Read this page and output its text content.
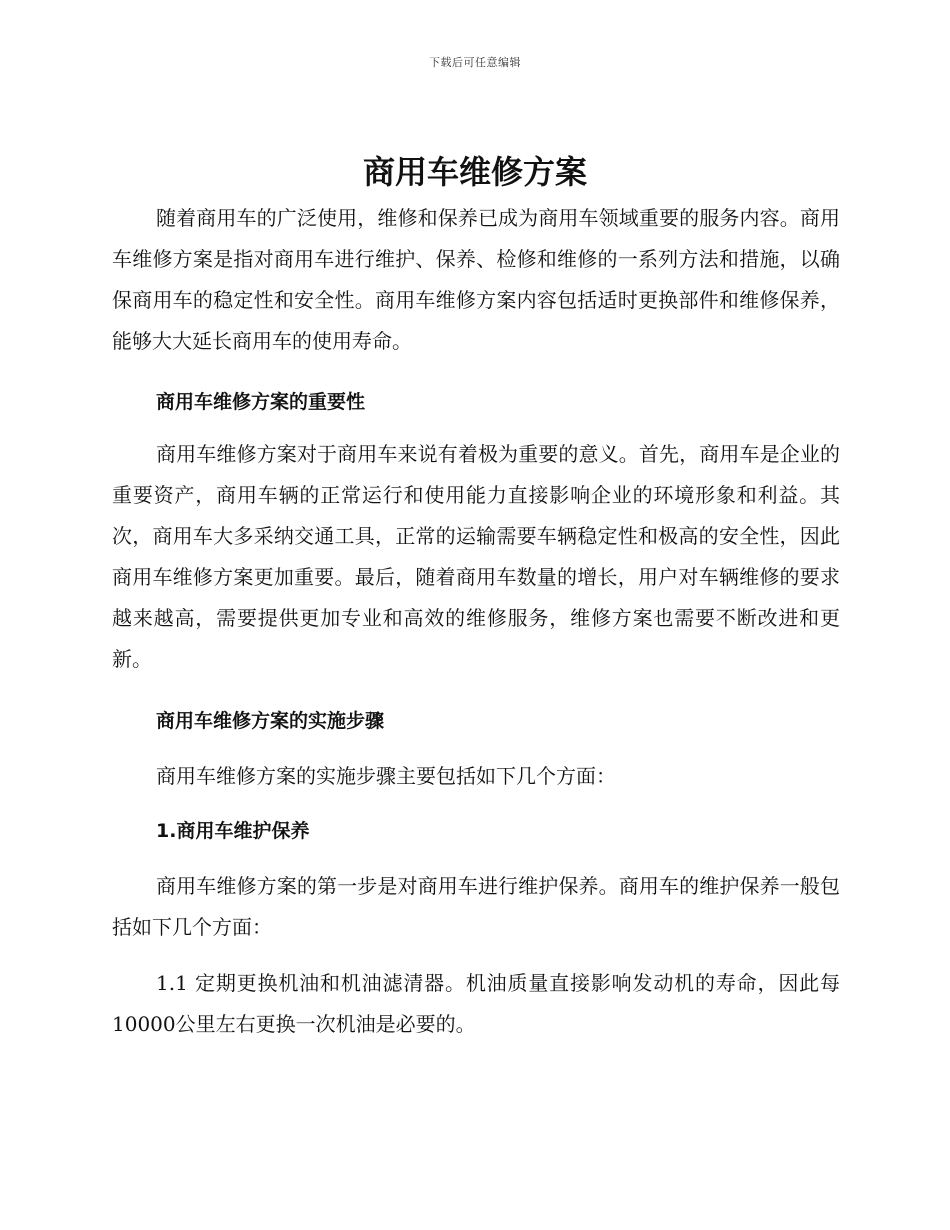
下载后可任意编辑
商用车维修方案

随着商用车的广泛使用，维修和保养已成为商用车领域重要的服务内容。商用车维修方案是指对商用车进行维护、保养、检修和维修的一系列方法和措施，以确保商用车的稳定性和安全性。商用车维修方案内容包括适时更换部件和维修保养，能够大大延长商用车的使用寿命。

商用车维修方案的重要性

商用车维修方案对于商用车来说有着极为重要的意义。首先，商用车是企业的重要资产，商用车辆的正常运行和使用能力直接影响企业的环境形象和利益。其次，商用车大多采纳交通工具，正常的运输需要车辆稳定性和极高的安全性，因此商用车维修方案更加重要。最后，随着商用车数量的增长，用户对车辆维修的要求越来越高，需要提供更加专业和高效的维修服务，维修方案也需要不断改进和更新。

商用车维修方案的实施步骤

商用车维修方案的实施步骤主要包括如下几个方面：

1.商用车维护保养

商用车维修方案的第一步是对商用车进行维护保养。商用车的维护保养一般包括如下几个方面：

1.1 定期更换机油和机油滤清器。机油质量直接影响发动机的寿命，因此每10000公里左右更换一次机油是必要的。
